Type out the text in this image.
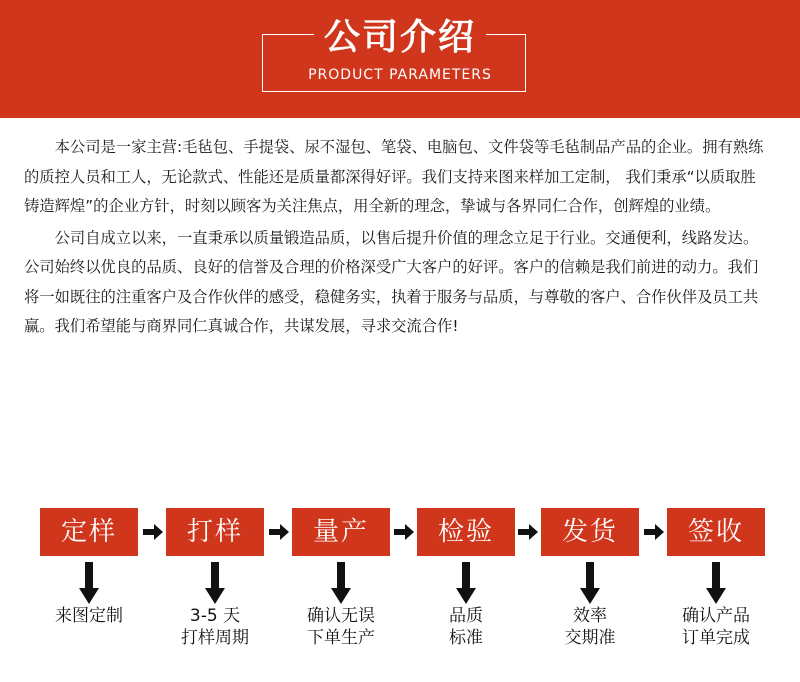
公司介绍
PRODUCT PARAMETERS

本公司是一家主营:毛毡包、手提袋、尿不湿包、笔袋、电脑包、文件袋等毛毡制品产品的企业。拥有熟练的质控人员和工人，无论款式、性能还是质量都深得好评。我们支持来图来样加工定制， 我们秉承“以质取胜铸造辉煌”的企业方针，时刻以顾客为关注焦点，用全新的理念，挚诚与各界同仁合作，创辉煌的业绩。

公司自成立以来，一直秉承以质量锻造品质，以售后提升价值的理念立足于行业。交通便利，线路发达。公司始终以优良的品质、良好的信誉及合理的价格深受广大客户的好评。客户的信赖是我们前进的动力。我们将一如既往的注重客户及合作伙伴的感受，稳健务实，执着于服务与品质，与尊敬的客户、合作伙伴及员工共赢。我们希望能与商界同仁真诚合作，共谋发展，寻求交流合作!

定样
来图定制
打样
3-5 天
打样周期
量产
确认无误
下单生产
检验
品质
标准
发货
效率
交期准
签收
确认产品
订单完成
